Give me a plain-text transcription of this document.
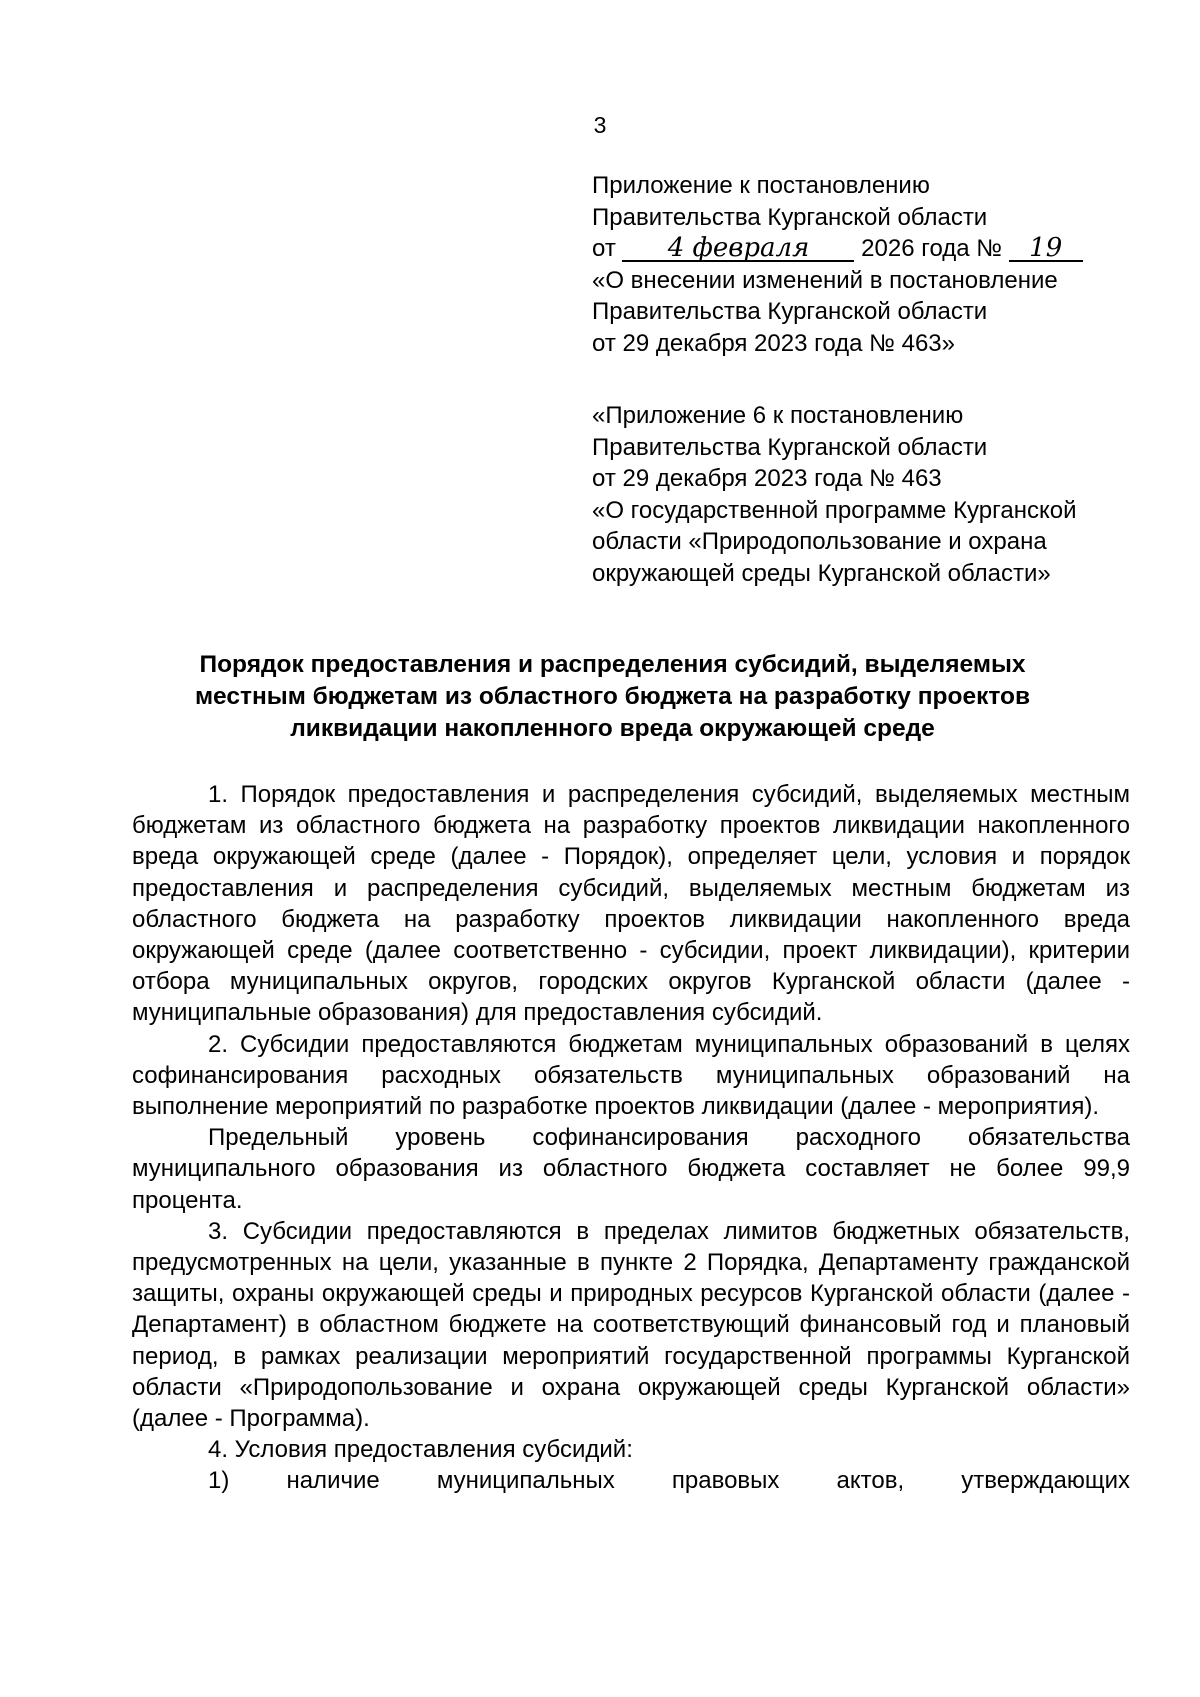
3
Приложение к постановлению
Правительства Курганской области
от 4 февраля 2026 года № 19
«О внесении изменений в постановление
Правительства Курганской области
от 29 декабря 2023 года № 463»
«Приложение 6 к постановлению
Правительства Курганской области
от 29 декабря 2023 года № 463
«О государственной программе Курганской
области «Природопользование и охрана
окружающей среды Курганской области»
Порядок предоставления и распределения субсидий, выделяемых
местным бюджетам из областного бюджета на разработку проектов
ликвидации накопленного вреда окружающей среде

1. Порядок предоставления и распределения субсидий, выделяемых местным бюджетам из областного бюджета на разработку проектов ликвидации накопленного вреда окружающей среде (далее - Порядок), определяет цели, условия и порядок предоставления и распределения субсидий, выделяемых местным бюджетам из областного бюджета на разработку проектов ликвидации накопленного вреда окружающей среде (далее соответственно - субсидии, проект ликвидации), критерии отбора муниципальных округов, городских округов Курганской области (далее - муниципальные образования) для предоставления субсидий.

2. Субсидии предоставляются бюджетам муниципальных образований в целях софинансирования расходных обязательств муниципальных образований на выполнение мероприятий по разработке проектов ликвидации (далее - мероприятия).

Предельный уровень софинансирования расходного обязательства муниципального образования из областного бюджета составляет не более 99,9 процента.

3. Субсидии предоставляются в пределах лимитов бюджетных обязательств, предусмотренных на цели, указанные в пункте 2 Порядка, Департаменту гражданской защиты, охраны окружающей среды и природных ресурсов Курганской области (далее - Департамент) в областном бюджете на соответствующий финансовый год и плановый период, в рамках реализации мероприятий государственной программы Курганской области «Природопользование и охрана окружающей среды Курганской области» (далее - Программа).

4. Условия предоставления субсидий:

1) наличие муниципальных правовых актов, утверждающих
